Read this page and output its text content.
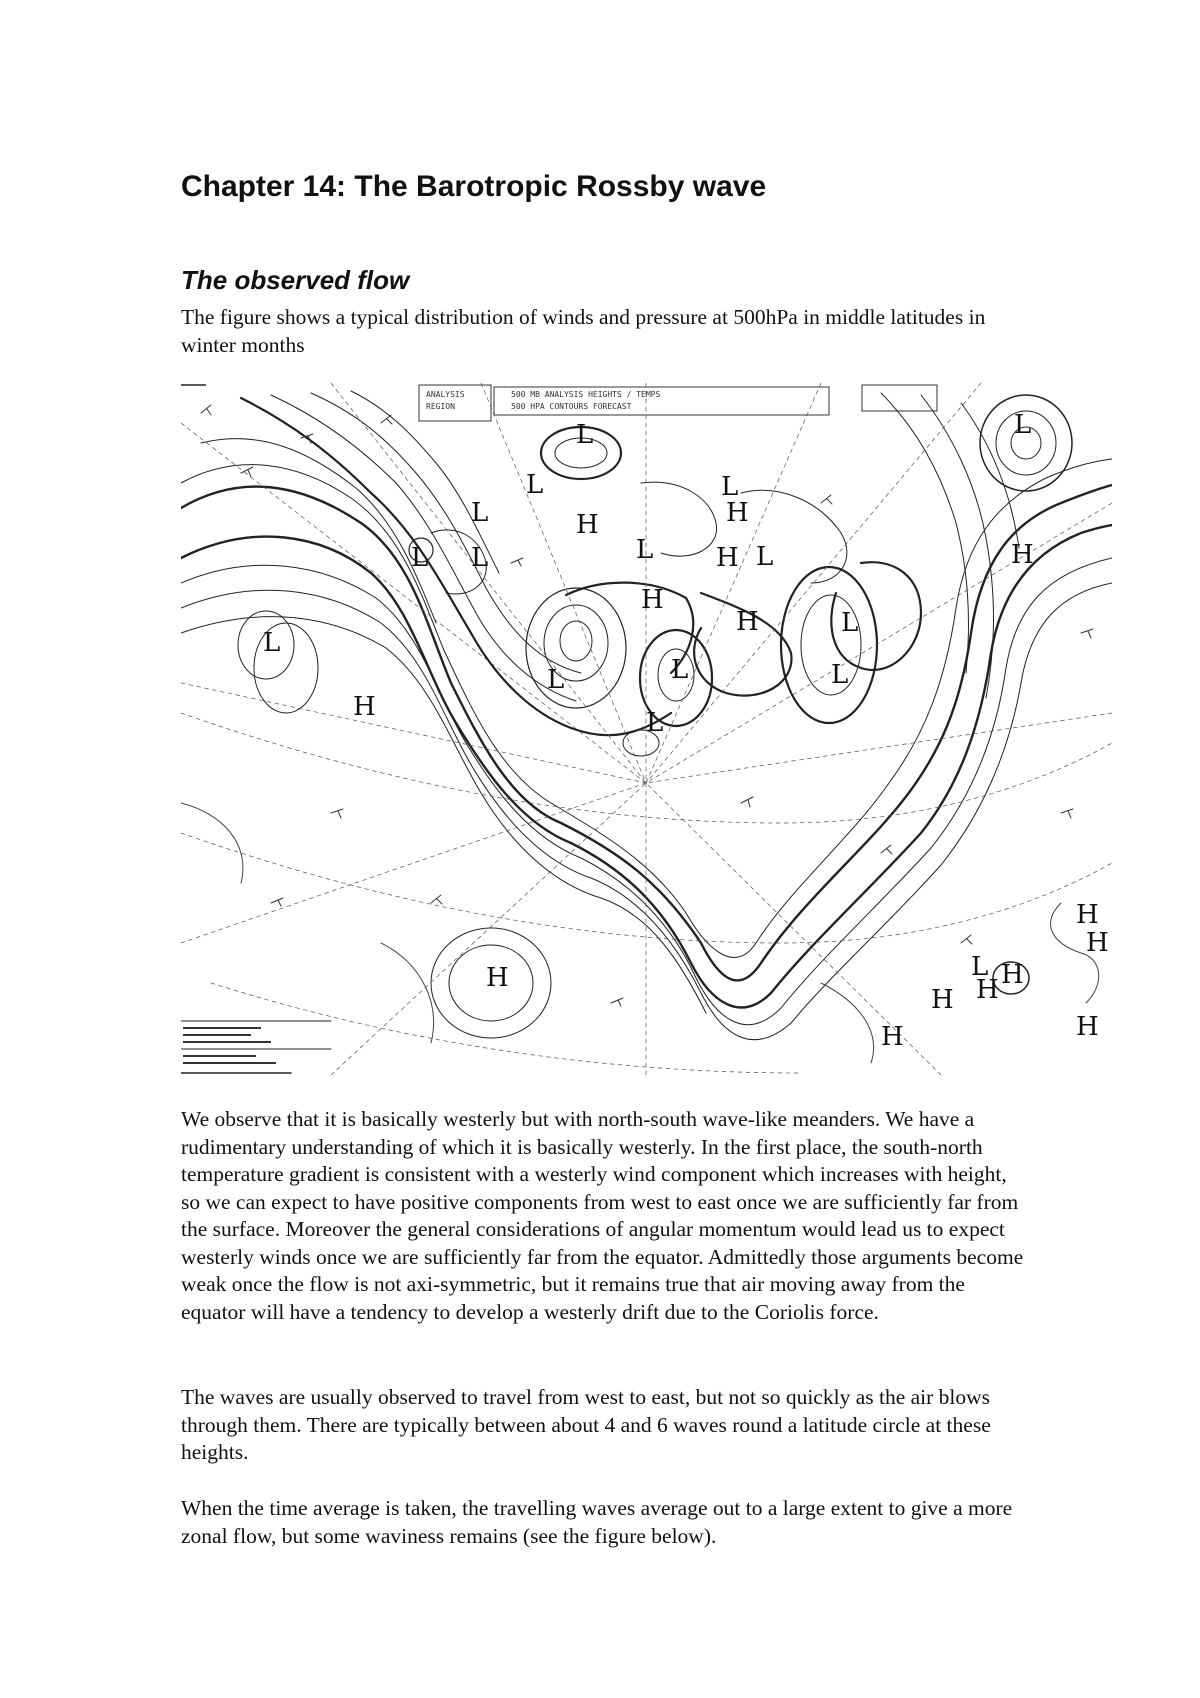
Chapter 14: The Barotropic Rossby wave
The observed flow

The figure shows a typical distribution of winds and pressure at 500hPa in middle latitudes in winter months

ANALYSIS
REGION
500 MB ANALYSIS HEIGHTS / TEMPS
500 HPA CONTOURS FORECAST
L
L
L
L
L
L
L	L
L
L
L
L
L
L
L
L
H	H
H
H
H
H
H
H
H
H
H
H	H
H
H

We observe that it is basically westerly but with north-south wave-like meanders. We have a rudimentary understanding of which it is basically westerly. In the first place, the south-north temperature gradient is consistent with a westerly wind component which increases with height, so we can expect to have positive components from west to east once we are sufficiently far from the surface. Moreover the general considerations of angular momentum would lead us to expect westerly winds once we are sufficiently far from the equator. Admittedly those arguments become weak once the flow is not axi-symmetric, but it remains true that air moving away from the equator will have a tendency to develop a westerly drift due to the Coriolis force.

The waves are usually observed to travel from west to east, but not so quickly as the air blows through them. There are typically between about 4 and 6 waves round a latitude circle at these heights.

When the time average is taken, the travelling waves average out to a large extent to give a more zonal flow, but some waviness remains (see the figure below).
